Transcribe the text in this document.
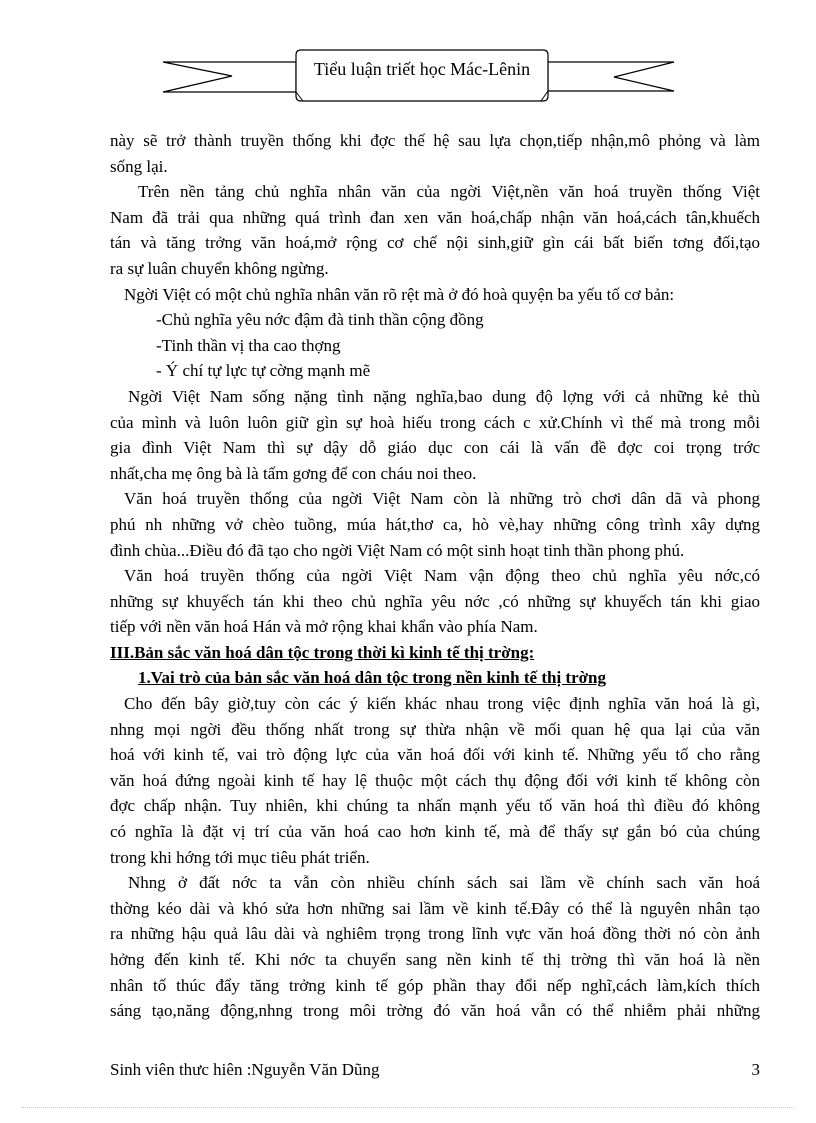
Tiểu luận triết học Mác-Lênin
này sẽ trở thành truyền thống khi đợc thế hệ sau lựa chọn,tiếp nhận,mô phỏng và làm
sống lại.
Trên nền tảng chủ nghĩa nhân văn của ngời Việt,nền văn hoá truyền thống Việt
Nam đã trải qua những quá trình đan xen văn hoá,chấp nhận văn hoá,cách tân,khuếch
tán và tăng trởng văn hoá,mở rộng cơ chế nội sinh,giữ gìn cái bất biến tơng đối,tạo
ra sự luân chuyển không ngừng.
Ngời Việt có một chủ nghĩa nhân văn rõ rệt mà ở đó hoà quyện ba yếu tố cơ bản:
-Chủ nghĩa yêu nớc đậm đà tinh thần cộng đồng
-Tinh thần vị tha cao thợng
- Ý chí tự lực tự cờng mạnh mẽ
Ngời Việt Nam sống nặng tình nặng nghĩa,bao dung độ lợng với cả những kẻ thù
của mình và luôn luôn giữ gìn sự hoà hiếu trong cách c xử.Chính vì thế mà trong mỗi
gia đình Việt Nam thì sự dậy dỗ giáo dục con cái là vấn đề đợc coi trọng trớc
nhất,cha mẹ ông bà là tấm gơng để con cháu noi theo.
Văn hoá truyền thống của ngời Việt Nam còn là những trò chơi dân dã và phong
phú nh những vở chèo tuồng, múa hát,thơ ca, hò vè,hay những công trình xây dựng
đình chùa...Điều đó đã tạo cho ngời Việt Nam có một sinh hoạt tinh thần phong phú.
Văn hoá truyền thống của ngời Việt Nam vận động theo chủ nghĩa yêu nớc,có
những sự khuyếch tán khi theo chủ nghĩa yêu nớc ,có những sự khuyếch tán khi giao
tiếp với nền văn hoá Hán và mở rộng khai khẩn vào phía Nam.
III.Bản sắc văn hoá dân tộc trong thời kì kinh tế thị trờng:
1.Vai trò của bản sắc văn hoá dân tộc trong nền kinh tế thị trờng
Cho đến bây giờ,tuy còn các ý kiến khác nhau trong việc định nghĩa văn hoá là gì,
nhng mọi ngời đều thống nhất trong sự thừa nhận về mối quan hệ qua lại của văn
hoá với kinh tế, vai trò động lực của văn hoá đối với kinh tế. Những yếu tố cho rằng
văn hoá đứng ngoài kinh tế hay lệ thuộc một cách thụ động đối với kinh tế không còn
đợc chấp nhận. Tuy nhiên, khi chúng ta nhấn mạnh yếu tố văn hoá thì điều đó không
có nghĩa là đặt vị trí của văn hoá cao hơn kinh tế, mà để thấy sự gắn bó của chúng
trong khi hớng tới mục tiêu phát triển.
Nhng ở đất nớc ta vẫn còn nhiều chính sách sai lầm về chính sach văn hoá
thờng kéo dài và khó sửa hơn những sai lầm về kinh tế.Đây có thể là nguyên nhân tạo
ra những hậu quả lâu dài và nghiêm trọng trong lĩnh vực văn hoá đồng thời nó còn ảnh
hởng đến kinh tế. Khi nớc ta chuyển sang nền kinh tế thị trờng thì văn hoá là nền
nhân tố thúc đẩy tăng trởng kinh tế góp phần thay đổi nếp nghĩ,cách làm,kích thích
sáng tạo,năng động,nhng trong môi trờng đó văn hoá vẫn có thể nhiễm phải những
Sinh viên thưc hiên :Nguyễn Văn Dũng	3
